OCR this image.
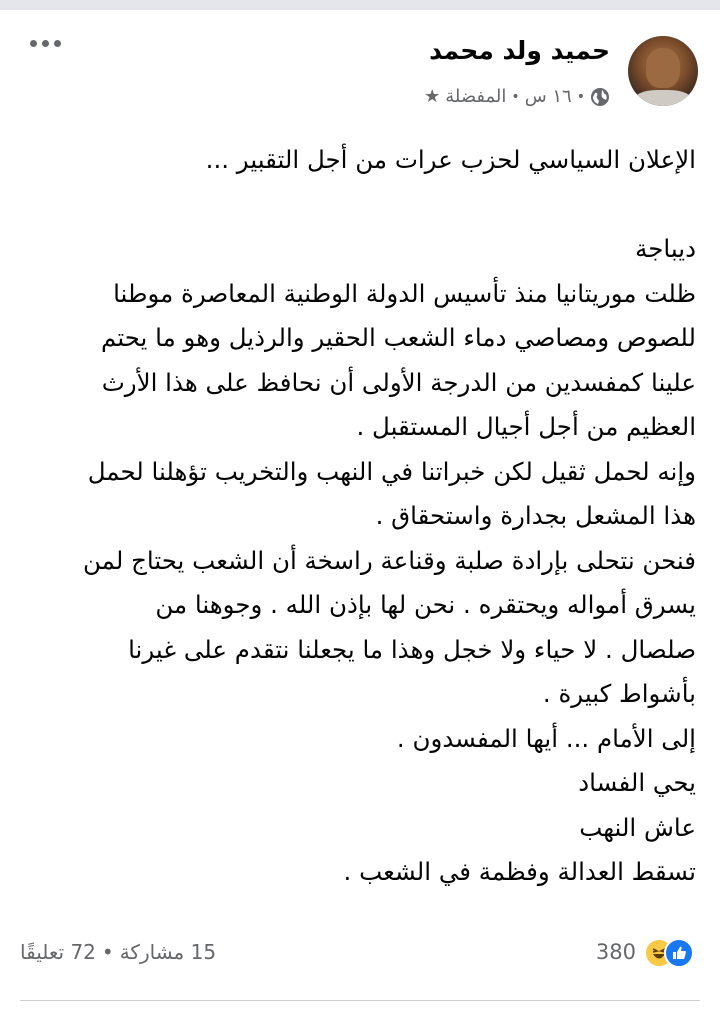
حميد ولد محمد
★ المفضلة • ١٦ س •
الإعلان السياسي لحزب عرات من أجل التقبير ...
ديباجة
ظلت موريتانيا منذ تأسيس الدولة الوطنية المعاصرة موطنا
للصوص ومصاصي دماء الشعب الحقير والرذيل وهو ما يحتم
علينا كمفسدين من الدرجة الأولى أن نحافظ على هذا الأرث
العظيم من أجل أجيال المستقبل .
وإنه لحمل ثقيل لكن خبراتنا في النهب والتخريب تؤهلنا لحمل
هذا المشعل بجدارة واستحقاق .
فنحن نتحلى بإرادة صلبة وقناعة راسخة أن الشعب يحتاج لمن
يسرق أمواله ويحتقره . نحن لها بإذن الله . وجوهنا من
صلصال . لا حياء ولا خجل وهذا ما يجعلنا نتقدم على غيرنا
بأشواط كبيرة .
إلى الأمام ... أيها المفسدون .
يحي الفساد
عاش النهب
تسقط العدالة وفظمة في الشعب .
380
72 تعليقًا • 15 مشاركة
